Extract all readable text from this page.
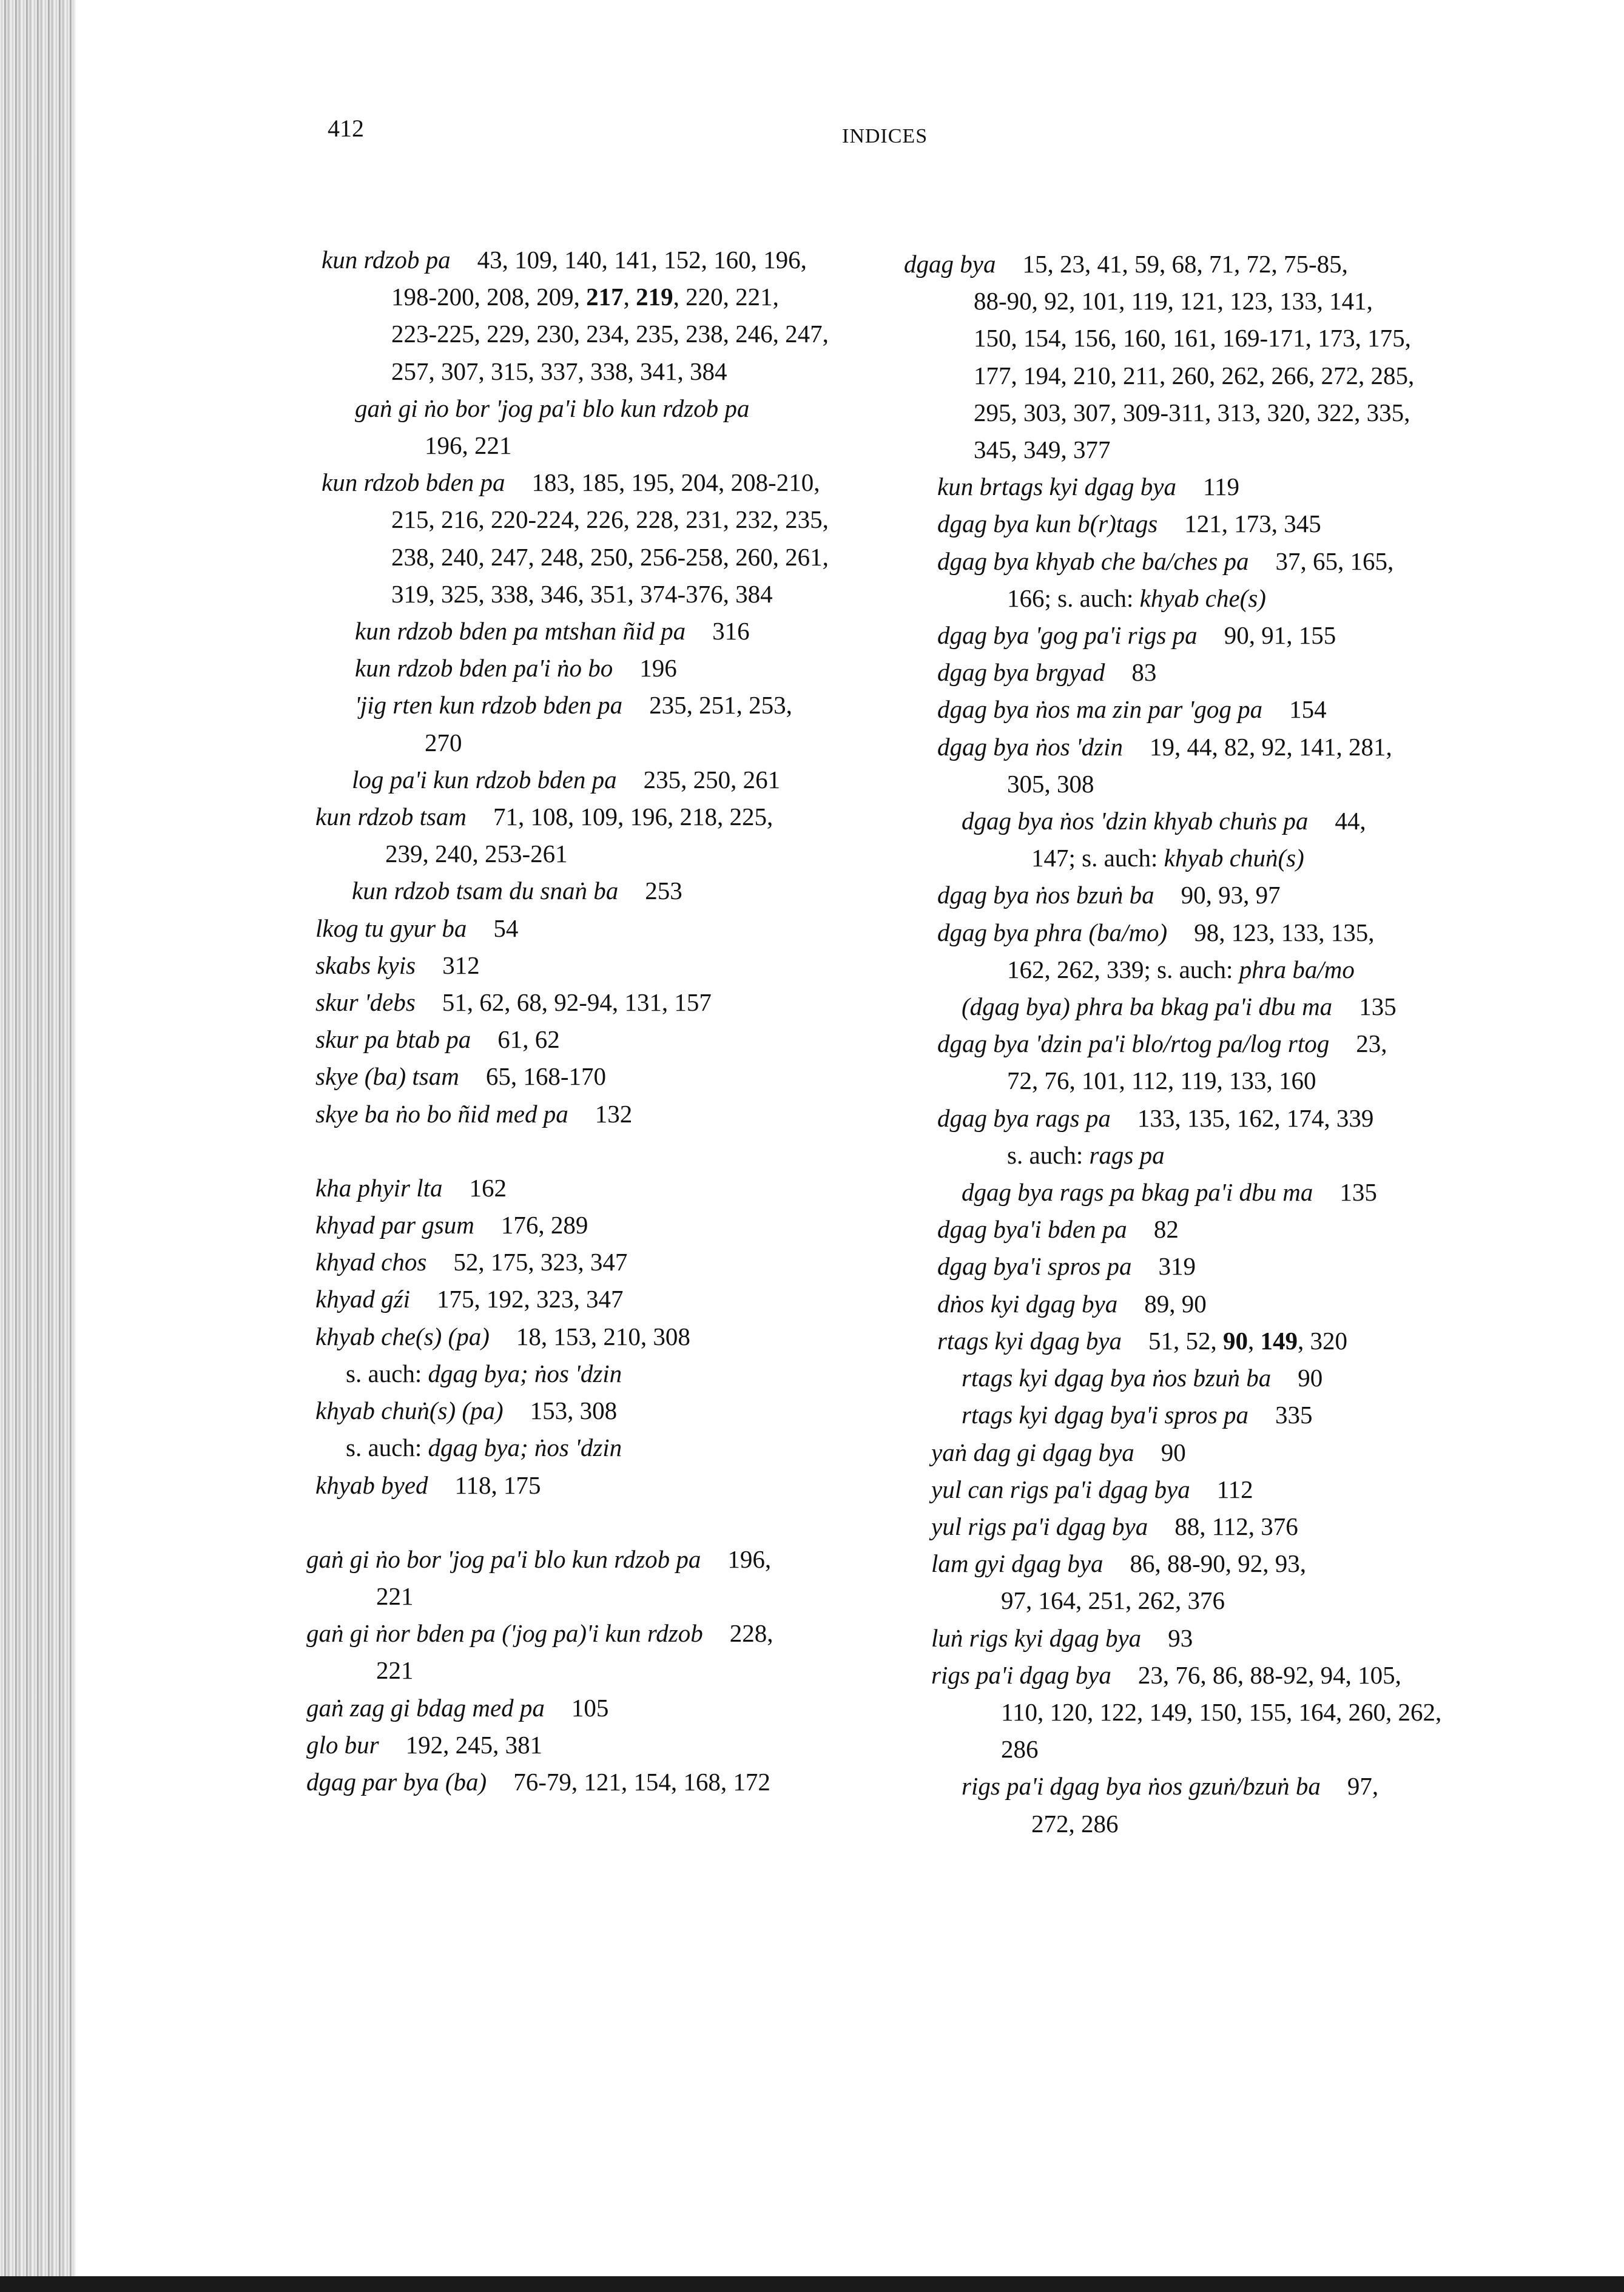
412	INDICES
kun rdzob pa 43, 109, 140, 141, 152, 160, 196,
198-200, 208, 209, 217, 219, 220, 221,
223-225, 229, 230, 234, 235, 238, 246, 247,
257, 307, 315, 337, 338, 341, 384
gaṅ gi ṅo bor 'jog pa'i blo kun rdzob pa
196, 221
kun rdzob bden pa 183, 185, 195, 204, 208-210,
215, 216, 220-224, 226, 228, 231, 232, 235,
238, 240, 247, 248, 250, 256-258, 260, 261,
319, 325, 338, 346, 351, 374-376, 384
kun rdzob bden pa mtshan ñid pa 316
kun rdzob bden pa'i ṅo bo 196
'jig rten kun rdzob bden pa 235, 251, 253,
270
log pa'i kun rdzob bden pa 235, 250, 261
kun rdzob tsam 71, 108, 109, 196, 218, 225,
239, 240, 253-261
kun rdzob tsam du snaṅ ba 253
lkog tu gyur ba 54
skabs kyis 312
skur 'debs 51, 62, 68, 92-94, 131, 157
skur pa btab pa 61, 62
skye (ba) tsam 65, 168-170
skye ba ṅo bo ñid med pa 132
kha phyir lta 162
khyad par gsum 176, 289
khyad chos 52, 175, 323, 347
khyad gźi 175, 192, 323, 347
khyab che(s) (pa) 18, 153, 210, 308
s. auch: dgag bya; ṅos 'dzin
khyab chuṅ(s) (pa) 153, 308
s. auch: dgag bya; ṅos 'dzin
khyab byed 118, 175
gaṅ gi ṅo bor 'jog pa'i blo kun rdzob pa 196,
221
gaṅ gi ṅor bden pa ('jog pa)'i kun rdzob 228,
221
gaṅ zag gi bdag med pa 105
glo bur 192, 245, 381
dgag par bya (ba) 76-79, 121, 154, 168, 172
dgag bya 15, 23, 41, 59, 68, 71, 72, 75-85,
88-90, 92, 101, 119, 121, 123, 133, 141,
150, 154, 156, 160, 161, 169-171, 173, 175,
177, 194, 210, 211, 260, 262, 266, 272, 285,
295, 303, 307, 309-311, 313, 320, 322, 335,
345, 349, 377
kun brtags kyi dgag bya 119
dgag bya kun b(r)tags 121, 173, 345
dgag bya khyab che ba/ches pa 37, 65, 165,
166; s. auch: khyab che(s)
dgag bya 'gog pa'i rigs pa 90, 91, 155
dgag bya brgyad 83
dgag bya ṅos ma zin par 'gog pa 154
dgag bya ṅos 'dzin 19, 44, 82, 92, 141, 281,
305, 308
dgag bya ṅos 'dzin khyab chuṅs pa 44,
147; s. auch: khyab chuṅ(s)
dgag bya ṅos bzuṅ ba 90, 93, 97
dgag bya phra (ba/mo) 98, 123, 133, 135,
162, 262, 339; s. auch: phra ba/mo
(dgag bya) phra ba bkag pa'i dbu ma 135
dgag bya 'dzin pa'i blo/rtog pa/log rtog 23,
72, 76, 101, 112, 119, 133, 160
dgag bya rags pa 133, 135, 162, 174, 339
s. auch: rags pa
dgag bya rags pa bkag pa'i dbu ma 135
dgag bya'i bden pa 82
dgag bya'i spros pa 319
dṅos kyi dgag bya 89, 90
rtags kyi dgag bya 51, 52, 90, 149, 320
rtags kyi dgag bya ṅos bzuṅ ba 90
rtags kyi dgag bya'i spros pa 335
yaṅ dag gi dgag bya 90
yul can rigs pa'i dgag bya 112
yul rigs pa'i dgag bya 88, 112, 376
lam gyi dgag bya 86, 88-90, 92, 93,
97, 164, 251, 262, 376
luṅ rigs kyi dgag bya 93
rigs pa'i dgag bya 23, 76, 86, 88-92, 94, 105,
110, 120, 122, 149, 150, 155, 164, 260, 262,
286
rigs pa'i dgag bya ṅos gzuṅ/bzuṅ ba 97,
272, 286
